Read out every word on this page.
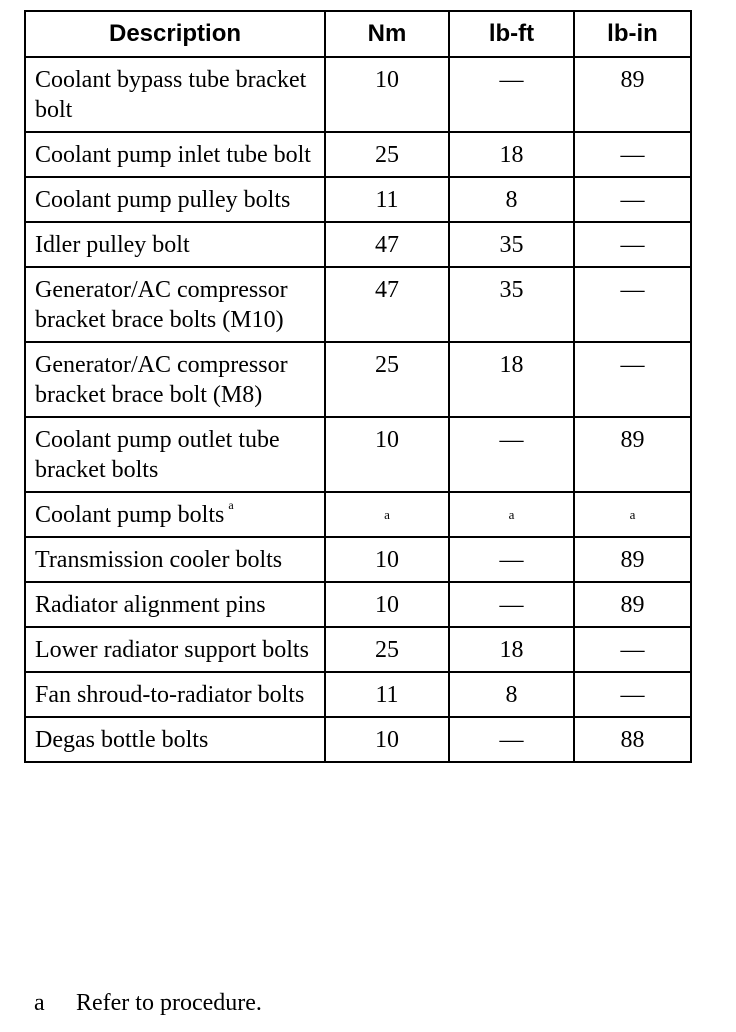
Description	Nm	lb-ft	lb-in
Coolant bypass tube bracket bolt	10	—	89
Coolant pump inlet tube bolt	25	18	—
Coolant pump pulley bolts	11	8	—
Idler pulley bolt	47	35	—
Generator/AC compressor bracket brace bolts (M10)	47	35	—
Generator/AC compressor bracket brace bolt (M8)	25	18	—
Coolant pump outlet tube bracket bolts	10	—	89
Coolant pump bolts $^a$	a	a	a
Transmission cooler bolts	10	—	89
Radiator alignment pins	10	—	89
Lower radiator support bolts	25	18	—
Fan shroud-to-radiator bolts	11	8	—
Degas bottle bolts	10	—	88
a Refer to procedure.
